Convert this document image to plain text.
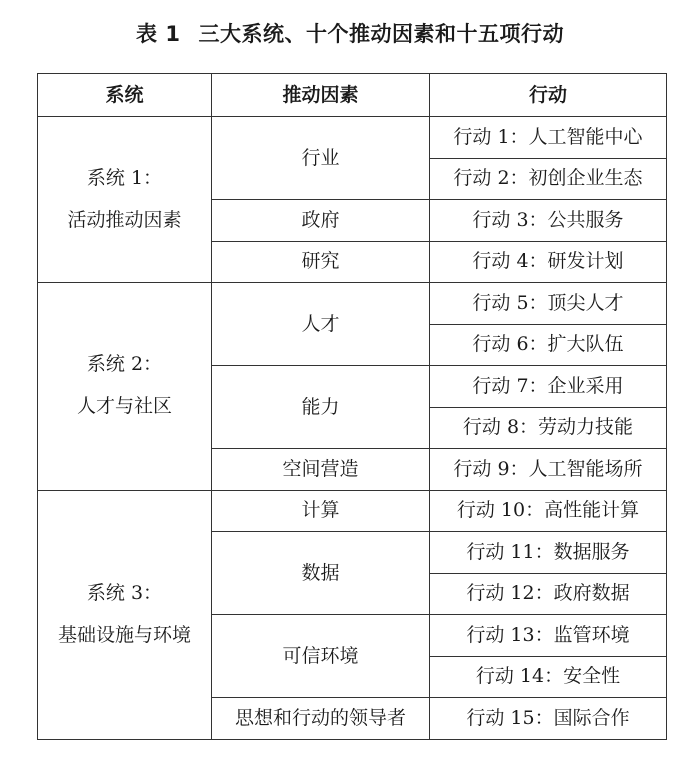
表 1 三大系统、十个推动因素和十五项行动
系统	推动因素	行动

系统 1：
活动推动因素	行业	行动 1：人工智能中心
		行动 2：初创企业生态
	政府	行动 3：公共服务
	研究	行动 4：研发计划

系统 2：
人才与社区	人才	行动 5：顶尖人才
		行动 6：扩大队伍
	能力	行动 7：企业采用
		行动 8：劳动力技能
	空间营造	行动 9：人工智能场所

系统 3：
基础设施与环境	计算	行动 10：高性能计算
	数据	行动 11：数据服务
		行动 12：政府数据
	可信环境	行动 13：监管环境
		行动 14：安全性
	思想和行动的领导者	行动 15：国际合作
